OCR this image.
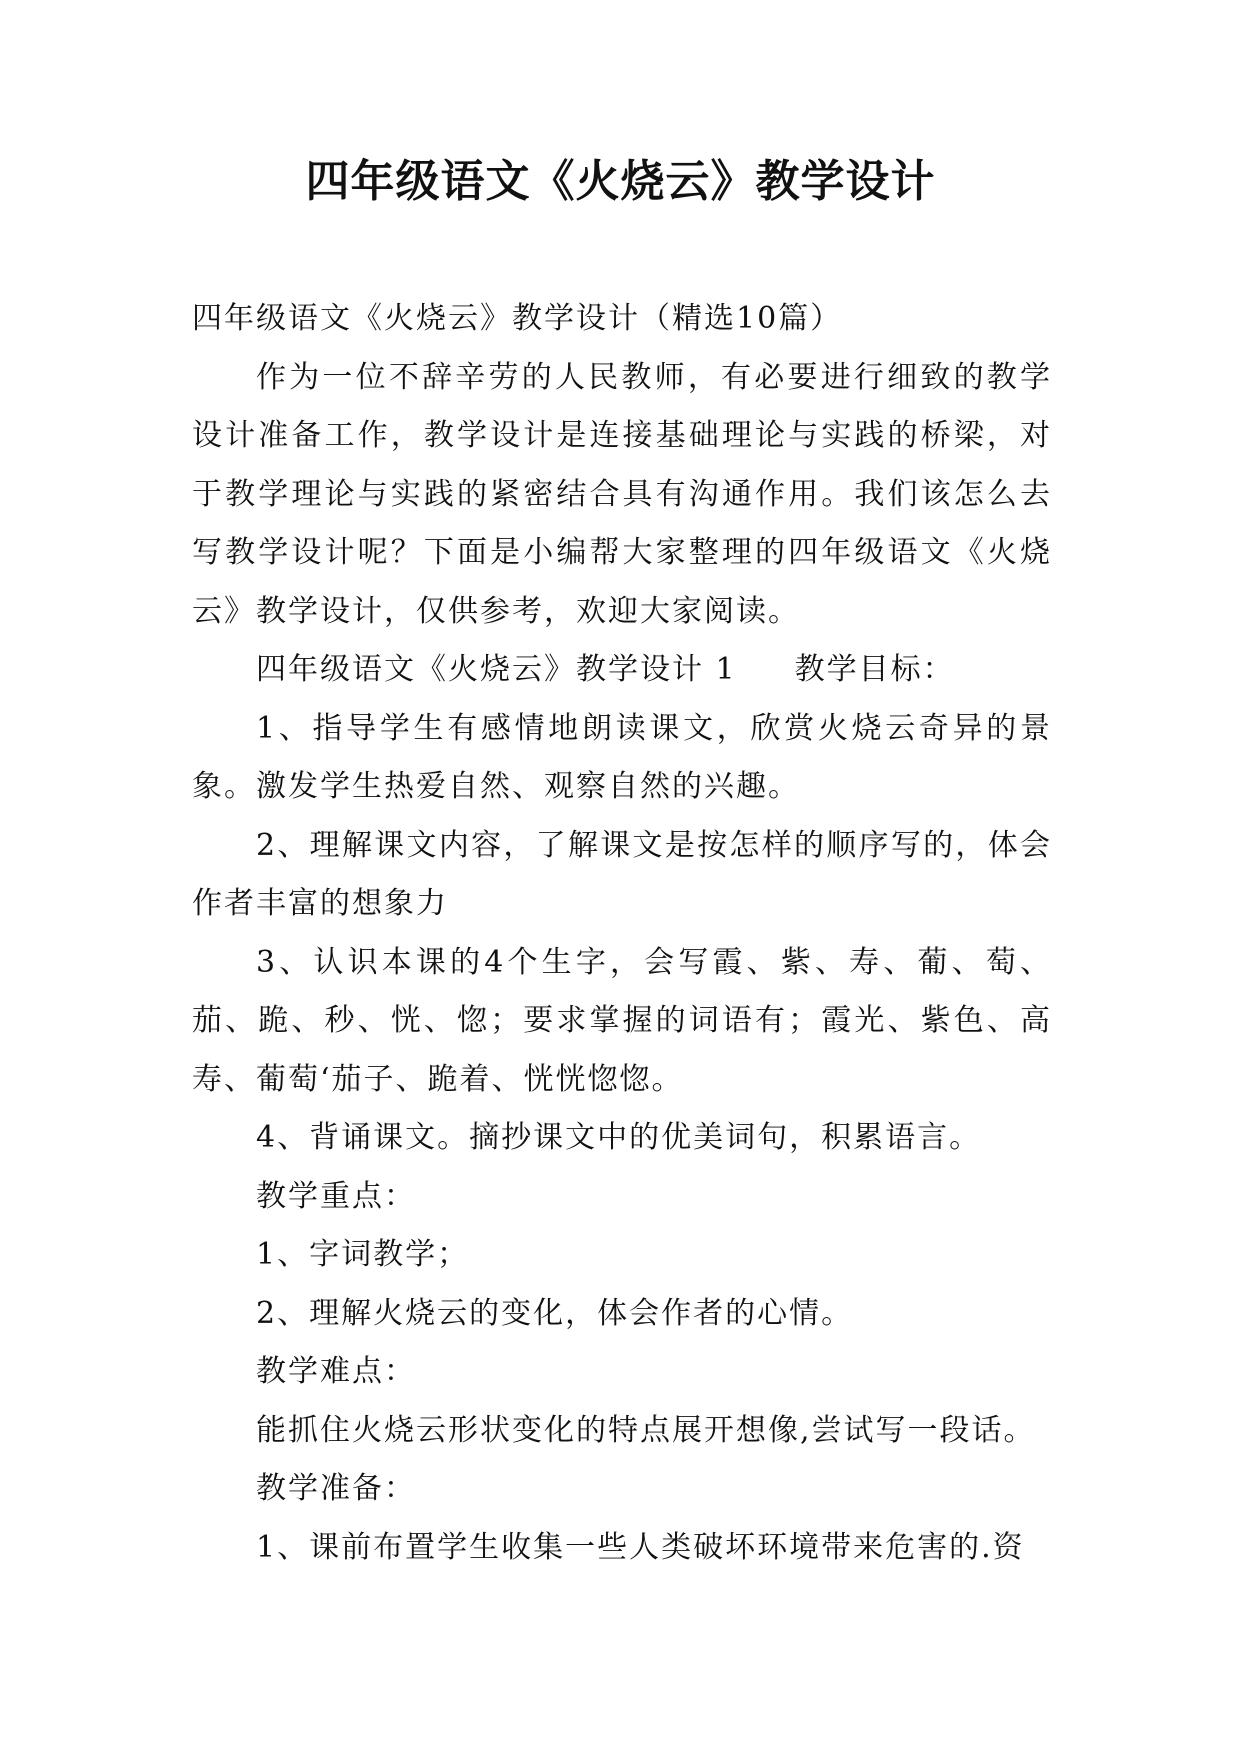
四年级语文《火烧云》教学设计

四年级语文《火烧云》教学设计（精选10篇）

作为一位不辞辛劳的人民教师，有必要进行细致的教学设计准备工作，教学设计是连接基础理论与实践的桥梁，对于教学理论与实践的紧密结合具有沟通作用。我们该怎么去写教学设计呢？下面是小编帮大家整理的四年级语文《火烧云》教学设计，仅供参考，欢迎大家阅读。

四年级语文《火烧云》教学设计 1 教学目标：

1、指导学生有感情地朗读课文，欣赏火烧云奇异的景象。激发学生热爱自然、观察自然的兴趣。

2、理解课文内容，了解课文是按怎样的顺序写的，体会作者丰富的想象力

3、认识本课的4个生字，会写霞、紫、寿、葡、萄、茄、跪、秒、恍、惚；要求掌握的词语有；霞光、紫色、高寿、葡萄‘茄子、跪着、恍恍惚惚。

4、背诵课文。摘抄课文中的优美词句，积累语言。

教学重点：

1、字词教学；

2、理解火烧云的变化，体会作者的心情。

教学难点：

能抓住火烧云形状变化的特点展开想像,尝试写一段话。

教学准备：

1、课前布置学生收集一些人类破坏环境带来危害的.资
